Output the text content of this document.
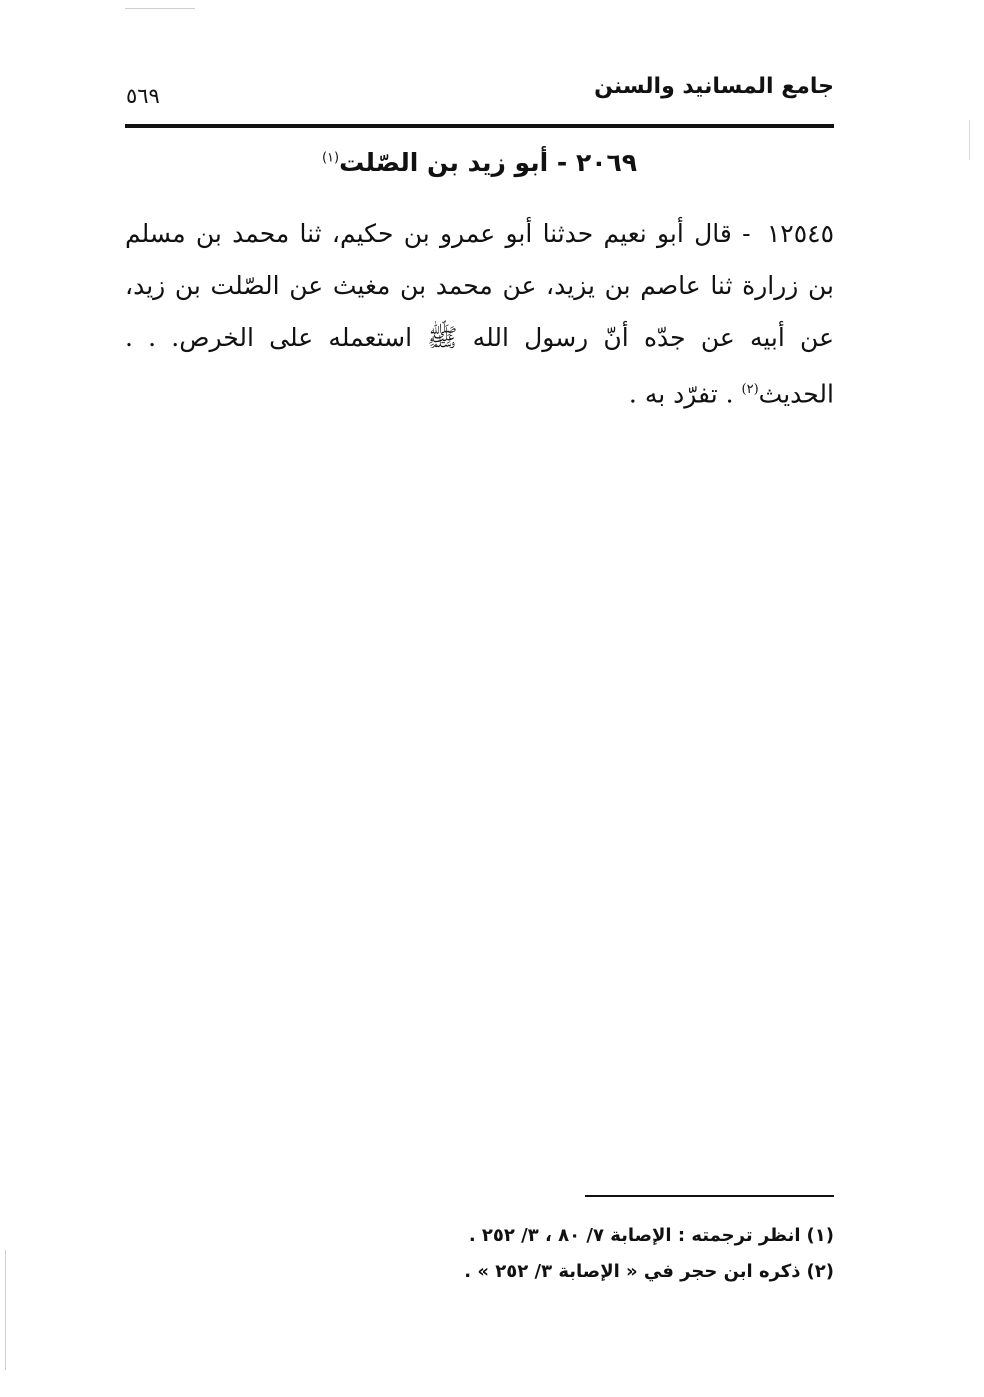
جامع المسانيد والسنن
٥٦٩
٢٠٦٩ - أبو زيد بن الصّلت$^{(١)}$
١٢٥٤٥ - قال أبو نعيم حدثنا أبو عمرو بن حكيم، ثنا محمد بن مسلم بن زرارة ثنا عاصم بن يزيد، عن محمد بن مغيث عن الصّلت بن زيد، عن أبيه عن جدّه أنّ رسول الله ﷺ استعمله على الخرص. . . الحديث$^{(٢)}$ . تفرّد به .
(١)انظر ترجمته : الإصابة ٧/ ٨٠ ، ٣/ ٢٥٢ .
(٢)ذكره ابن حجر في « الإصابة ٣/ ٢٥٢ » .
